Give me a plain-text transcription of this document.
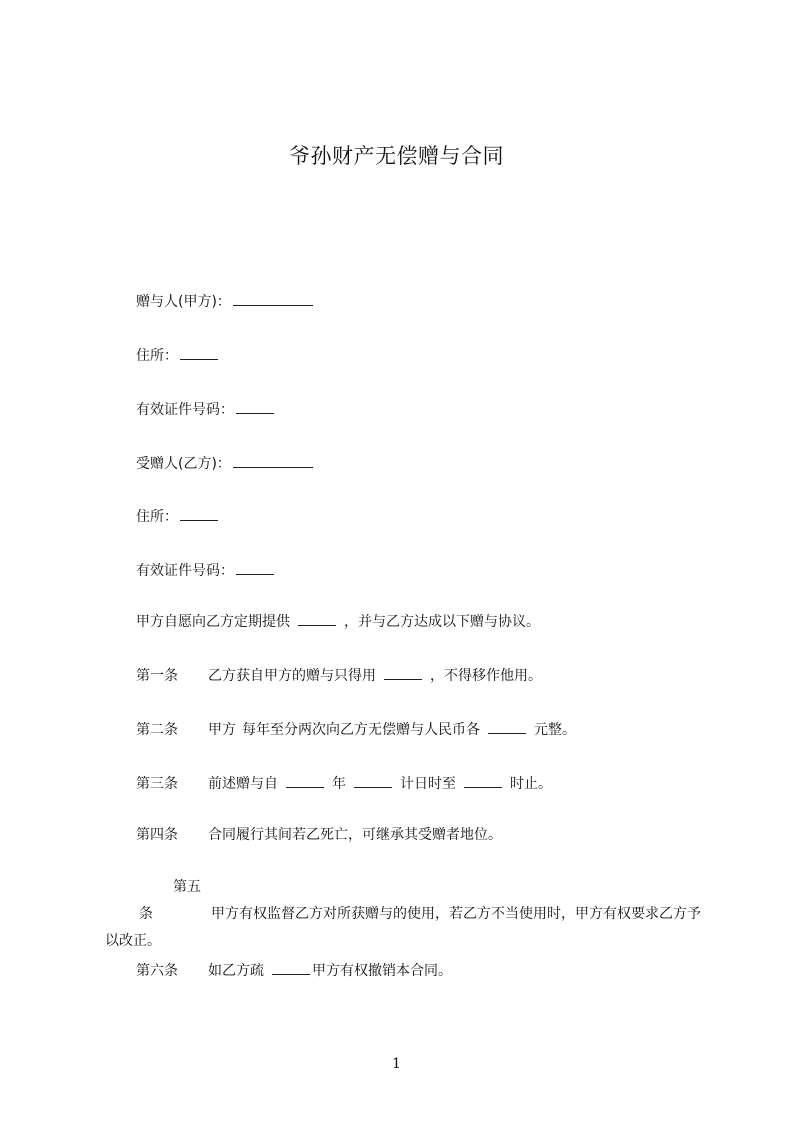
爷孙财产无偿赠与合同
赠与人(甲方)：
住所：
有效证件号码：
受赠人(乙方)：
住所：
有效证件号码：
甲方自愿向乙方定期提供	，并与乙方达成以下赠与协议。
第一条 乙方获自甲方的赠与只得用	，不得移作他用。
第二条 甲方 每年至分两次向乙方无偿赠与人民币各	元整。
第三条 前述赠与自	年	计日时至	时止。
第四条 合同履行其间若乙死亡，可继承其受赠者地位。
第五条	甲方有权监督乙方对所获赠与的使用，若乙方不当使用时，甲方有权要求乙方予以改正。
第六条 如乙方疏	甲方有权撤销本合同。
1
